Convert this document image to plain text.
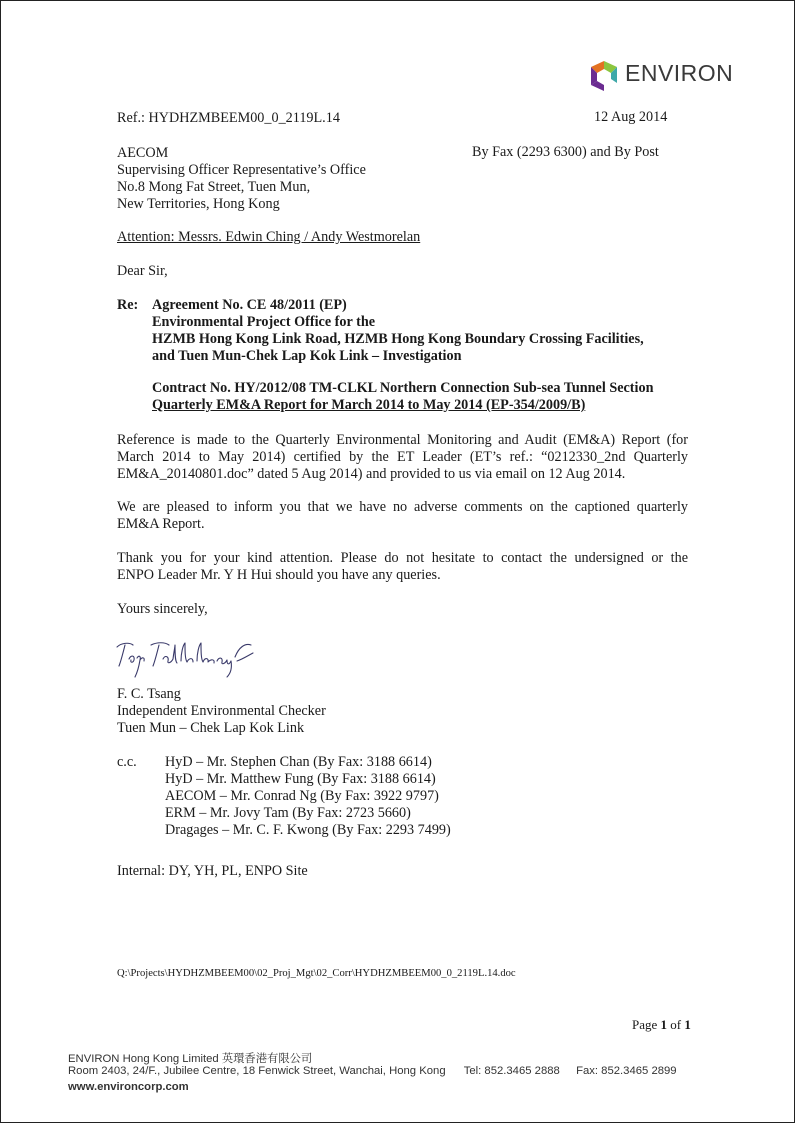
ENVIRON
Ref.: HYDHZMBEEM00_0_2119L.14	12 Aug 2014
By Fax (2293 6300) and By Post
AECOM
Supervising Officer Representative’s Office
No.8 Mong Fat Street, Tuen Mun,
New Territories, Hong Kong
Attention: Messrs. Edwin Ching / Andy Westmorelan
Dear Sir,
Re: Agreement No. CE 48/2011 (EP)
Environmental Project Office for the
HZMB Hong Kong Link Road, HZMB Hong Kong Boundary Crossing Facilities,
and Tuen Mun-Chek Lap Kok Link – Investigation
Contract No. HY/2012/08 TM-CLKL Northern Connection Sub-sea Tunnel Section
Quarterly EM&A Report for March 2014 to May 2014 (EP-354/2009/B)
Reference is made to the Quarterly Environmental Monitoring and Audit (EM&A) Report (for
March 2014 to May 2014) certified by the ET Leader (ET’s ref.: “0212330_2nd Quarterly
EM&A_20140801.doc” dated 5 Aug 2014) and provided to us via email on 12 Aug 2014.
We are pleased to inform you that we have no adverse comments on the captioned quarterly
EM&A Report.
Thank you for your kind attention. Please do not hesitate to contact the undersigned or the
ENPO Leader Mr. Y H Hui should you have any queries.
Yours sincerely,
F. C. Tsang
Independent Environmental Checker
Tuen Mun – Chek Lap Kok Link
c.c. HyD – Mr. Stephen Chan (By Fax: 3188 6614)
HyD – Mr. Matthew Fung (By Fax: 3188 6614)
AECOM – Mr. Conrad Ng (By Fax: 3922 9797)
ERM – Mr. Jovy Tam (By Fax: 2723 5660)
Dragages – Mr. C. F. Kwong (By Fax: 2293 7499)
Internal: DY, YH, PL, ENPO Site
Q:\Projects\HYDHZMBEEM00\02_Proj_Mgt\02_Corr\HYDHZMBEEM00_0_2119L.14.doc
Page 1 of 1
ENVIRON Hong Kong Limited 英環香港有限公司
Room 2403, 24/F., Jubilee Centre, 18 Fenwick Street, Wanchai, Hong Kong Tel: 852.3465 2888 Fax: 852.3465 2899
www.environcorp.com
